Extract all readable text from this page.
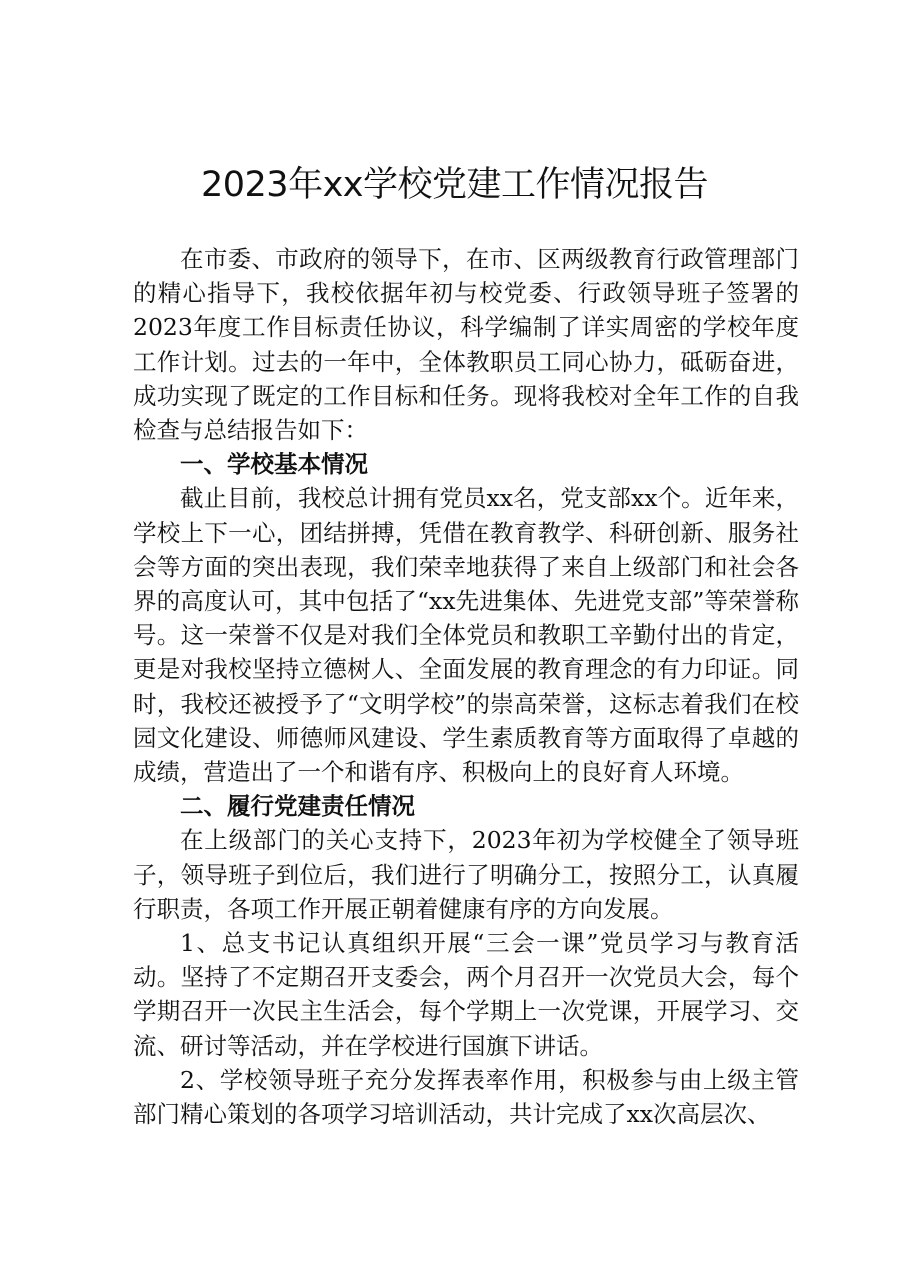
2023年xx学校党建工作情况报告

在市委、市政府的领导下，在市、区两级教育行政管理部门的精心指导下，我校依据年初与校党委、行政领导班子签署的2023年度工作目标责任协议，科学编制了详实周密的学校年度工作计划。过去的一年中，全体教职员工同心协力，砥砺奋进，成功实现了既定的工作目标和任务。现将我校对全年工作的自我检查与总结报告如下：

一、学校基本情况

截止目前，我校总计拥有党员xx名，党支部xx个。近年来，学校上下一心，团结拼搏，凭借在教育教学、科研创新、服务社会等方面的突出表现，我们荣幸地获得了来自上级部门和社会各界的高度认可，其中包括了“xx先进集体、先进党支部”等荣誉称号。这一荣誉不仅是对我们全体党员和教职工辛勤付出的肯定，更是对我校坚持立德树人、全面发展的教育理念的有力印证。同时，我校还被授予了“文明学校”的崇高荣誉，这标志着我们在校园文化建设、师德师风建设、学生素质教育等方面取得了卓越的成绩，营造出了一个和谐有序、积极向上的良好育人环境。

二、履行党建责任情况

在上级部门的关心支持下，2023年初为学校健全了领导班子，领导班子到位后，我们进行了明确分工，按照分工，认真履行职责，各项工作开展正朝着健康有序的方向发展。

1、总支书记认真组织开展“三会一课”党员学习与教育活动。坚持了不定期召开支委会，两个月召开一次党员大会，每个学期召开一次民主生活会，每个学期上一次党课，开展学习、交流、研讨等活动，并在学校进行国旗下讲话。

2、学校领导班子充分发挥表率作用，积极参与由上级主管部门精心策划的各项学习培训活动，共计完成了xx次高层次、
